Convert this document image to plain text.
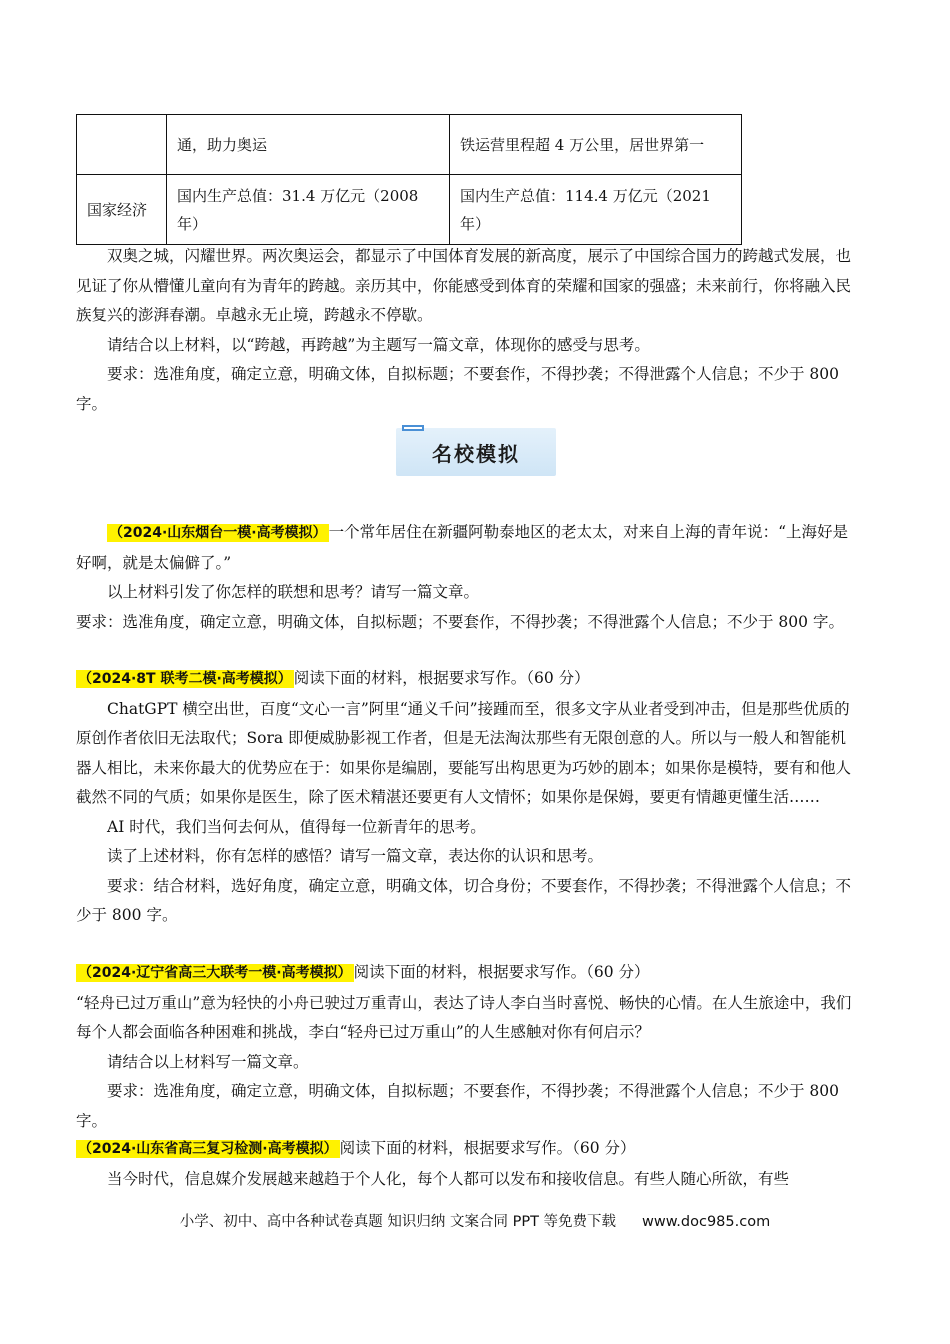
	通，助力奥运	铁运营里程超 4 万公里，居世界第一
国家经济	国内生产总值：31.4 万亿元（2008 年）	国内生产总值：114.4 万亿元（2021 年）

双奥之城，闪耀世界。两次奥运会，都显示了中国体育发展的新高度，展示了中国综合国力的跨越式发展，也见证了你从懵懂儿童向有为青年的跨越。亲历其中，你能感受到体育的荣耀和国家的强盛；未来前行，你将融入民族复兴的澎湃春潮。卓越永无止境，跨越永不停歇。

请结合以上材料，以“跨越，再跨越”为主题写一篇文章，体现你的感受与思考。

要求：选准角度，确定立意，明确文体，自拟标题；不要套作，不得抄袭；不得泄露个人信息；不少于 800 字。

名校模拟

（2024·山东烟台一模·高考模拟） 一个常年居住在新疆阿勒泰地区的老太太，对来自上海的青年说：“上海好是好啊，就是太偏僻了。”

以上材料引发了你怎样的联想和思考？请写一篇文章。

要求：选准角度，确定立意，明确文体，自拟标题；不要套作，不得抄袭；不得泄露个人信息；不少于 800 字。

（2024·8T 联考二模·高考模拟） 阅读下面的材料，根据要求写作。（60 分）

ChatGPT 横空出世，百度“文心一言”阿里“通义千问”接踵而至，很多文字从业者受到冲击，但是那些优质的原创作者依旧无法取代；Sora 即便威胁影视工作者，但是无法淘汰那些有无限创意的人。所以与一般人和智能机器人相比，未来你最大的优势应在于：如果你是编剧，要能写出构思更为巧妙的剧本；如果你是模特，要有和他人截然不同的气质；如果你是医生，除了医术精湛还要更有人文情怀；如果你是保姆，要更有情趣更懂生活……

AI 时代，我们当何去何从，值得每一位新青年的思考。

读了上述材料，你有怎样的感悟？请写一篇文章，表达你的认识和思考。

要求：结合材料，选好角度，确定立意，明确文体，切合身份；不要套作，不得抄袭；不得泄露个人信息；不少于 800 字。

（2024·辽宁省高三大联考一模·高考模拟） 阅读下面的材料，根据要求写作。（60 分）

“轻舟已过万重山”意为轻快的小舟已驶过万重青山，表达了诗人李白当时喜悦、畅快的心情。在人生旅途中，我们每个人都会面临各种困难和挑战，李白“轻舟已过万重山”的人生感触对你有何启示？

请结合以上材料写一篇文章。

要求：选准角度，确定立意，明确文体，自拟标题；不要套作，不得抄袭；不得泄露个人信息；不少于 800 字。

（2024·山东省高三复习检测·高考模拟） 阅读下面的材料，根据要求写作。（60 分）

当今时代，信息媒介发展越来越趋于个人化，每个人都可以发布和接收信息。有些人随心所欲，有些

小学、初中、高中各种试卷真题 知识归纳 文案合同 PPT 等免费下载 www.doc985.com
